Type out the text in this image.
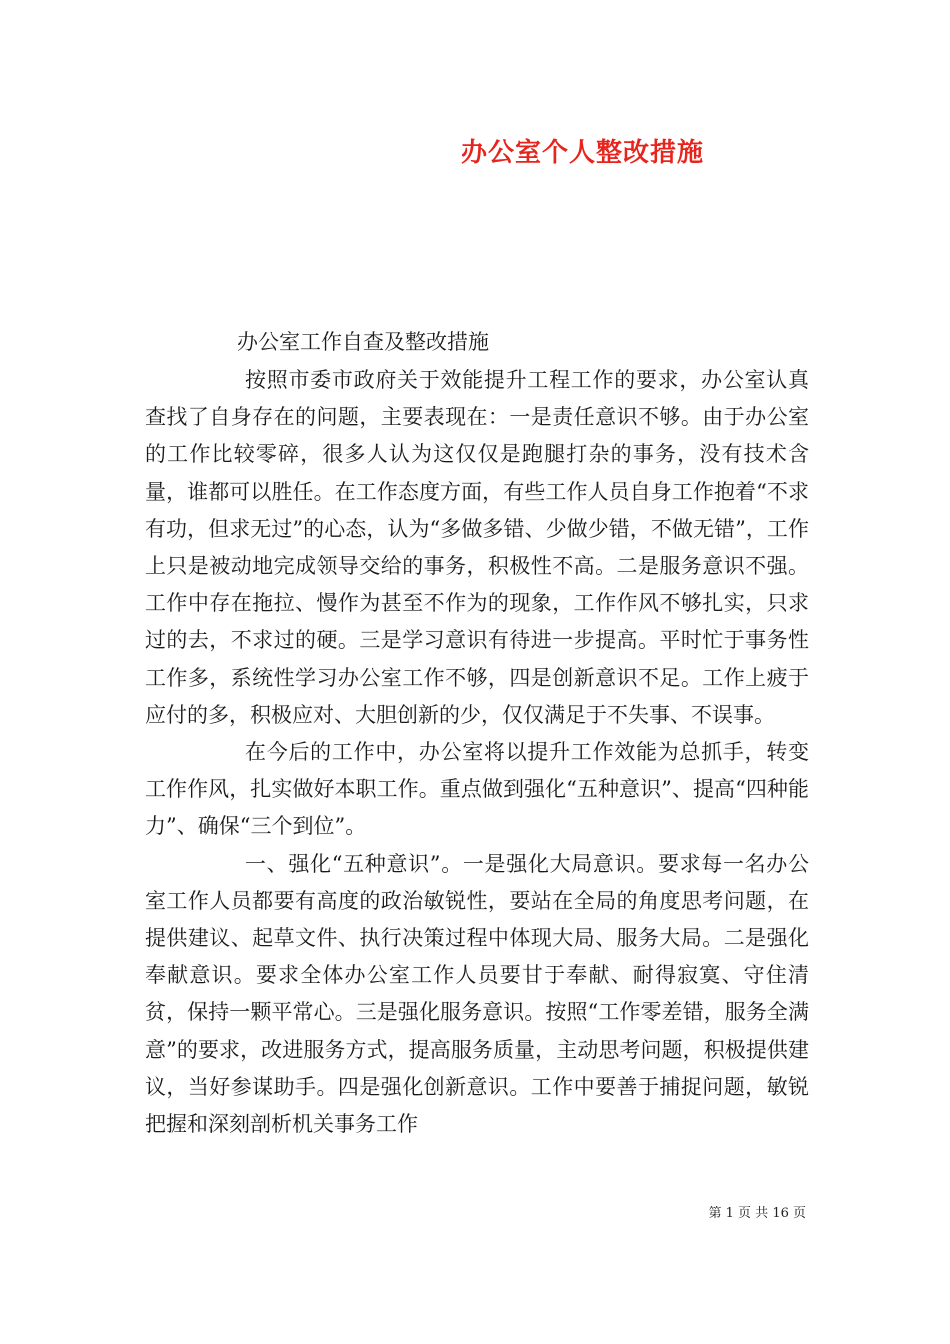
办公室个人整改措施
办公室工作自查及整改措施

按照市委市政府关于效能提升工程工作的要求，办公室认真查找了自身存在的问题，主要表现在：一是责任意识不够。由于办公室的工作比较零碎，很多人认为这仅仅是跑腿打杂的事务，没有技术含量，谁都可以胜任。在工作态度方面，有些工作人员自身工作抱着“不求有功，但求无过”的心态，认为“多做多错、少做少错，不做无错”，工作上只是被动地完成领导交给的事务，积极性不高。二是服务意识不强。工作中存在拖拉、慢作为甚至不作为的现象，工作作风不够扎实，只求过的去，不求过的硬。三是学习意识有待进一步提高。平时忙于事务性工作多，系统性学习办公室工作不够，四是创新意识不足。工作上疲于应付的多，积极应对、大胆创新的少，仅仅满足于不失事、不误事。

在今后的工作中，办公室将以提升工作效能为总抓手，转变工作作风，扎实做好本职工作。重点做到强化“五种意识”、提高“四种能力”、确保“三个到位”。

一、强化“五种意识”。一是强化大局意识。要求每一名办公室工作人员都要有高度的政治敏锐性，要站在全局的角度思考问题，在提供建议、起草文件、执行决策过程中体现大局、服务大局。二是强化奉献意识。要求全体办公室工作人员要甘于奉献、耐得寂寞、守住清贫，保持一颗平常心。三是强化服务意识。按照“工作零差错，服务全满意”的要求，改进服务方式，提高服务质量，主动思考问题，积极提供建议，当好参谋助手。四是强化创新意识。工作中要善于捕捉问题，敏锐把握和深刻剖析机关事务工作

第 1 页 共 16 页
